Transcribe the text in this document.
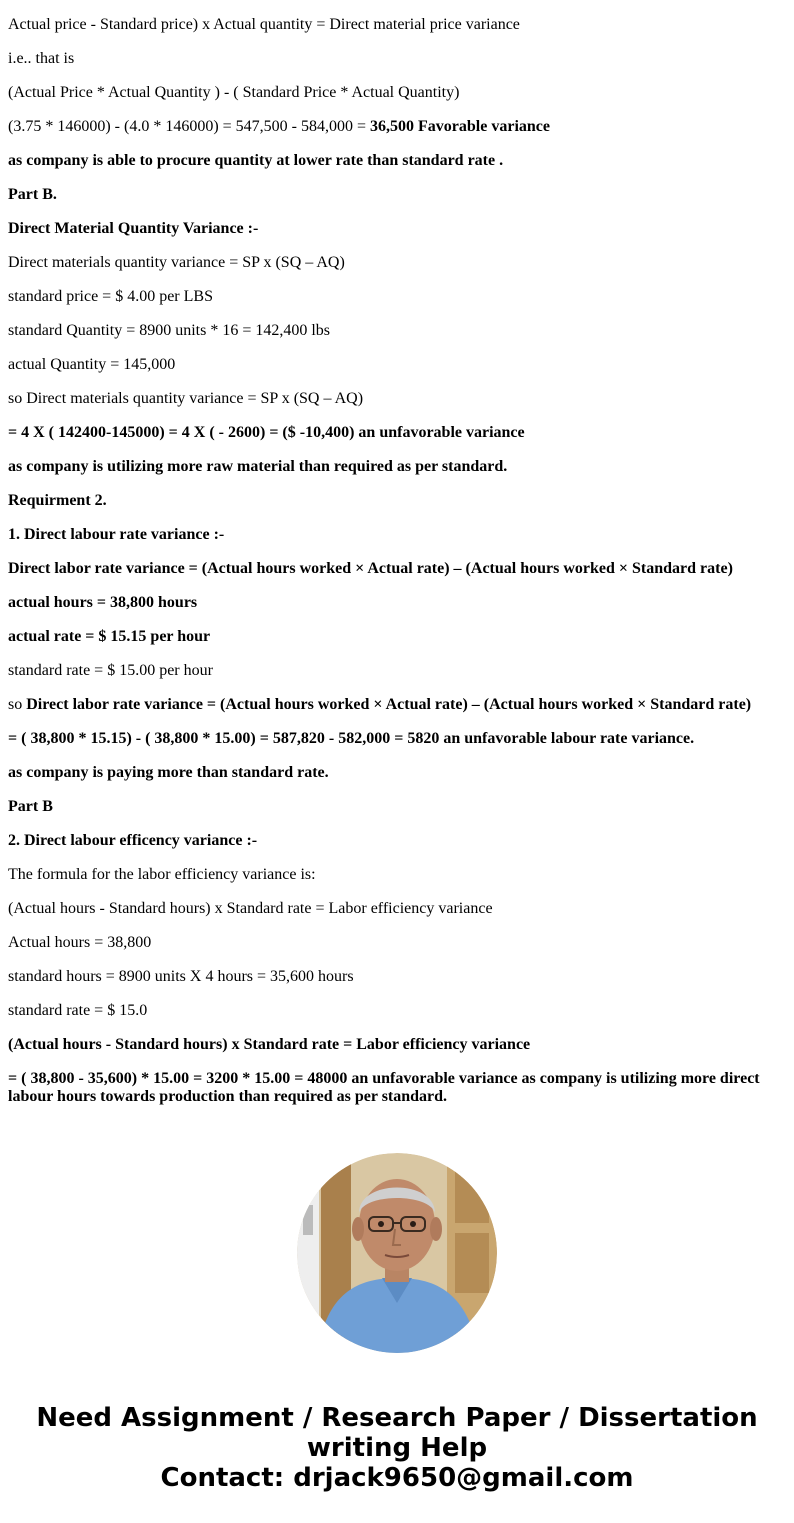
Actual price - Standard price) x Actual quantity = Direct material price variance
i.e.. that is
(Actual Price * Actual Quantity ) - ( Standard Price * Actual Quantity)
(3.75 * 146000) - (4.0 * 146000) = 547,500 - 584,000 = 36,500 Favorable variance
as company is able to procure quantity at lower rate than standard rate .
Part B.
Direct Material Quantity Variance :-
Direct materials quantity variance = SP x (SQ – AQ)
standard price = $ 4.00 per LBS
standard Quantity = 8900 units * 16 = 142,400 lbs
actual Quantity = 145,000
so Direct materials quantity variance = SP x (SQ – AQ)
= 4 X ( 142400-145000) = 4 X ( - 2600) = ($ -10,400) an unfavorable variance
as company is utilizing more raw material than required as per standard.
Requirment 2.
1. Direct labour rate variance :-
Direct labor rate variance = (Actual hours worked × Actual rate) – (Actual hours worked × Standard rate)
actual hours = 38,800 hours
actual rate = $ 15.15 per hour
standard rate = $ 15.00 per hour
so Direct labor rate variance = (Actual hours worked × Actual rate) – (Actual hours worked × Standard rate)
= ( 38,800 * 15.15) - ( 38,800 * 15.00) = 587,820 - 582,000 = 5820 an unfavorable labour rate variance.
as company is paying more than standard rate.
Part B
2. Direct labour efficency variance :-
The formula for the labor efficiency variance is:
(Actual hours - Standard hours) x Standard rate = Labor efficiency variance
Actual hours = 38,800
standard hours = 8900 units X 4 hours = 35,600 hours
standard rate = $ 15.0
(Actual hours - Standard hours) x Standard rate = Labor efficiency variance
= ( 38,800 - 35,600) * 15.00 = 3200 * 15.00 = 48000 an unfavorable variance as company is utilizing more direct labour hours towards production than required as per standard.
Need Assignment / Research Paper / Dissertation writing Help
Contact: drjack9650@gmail.com
